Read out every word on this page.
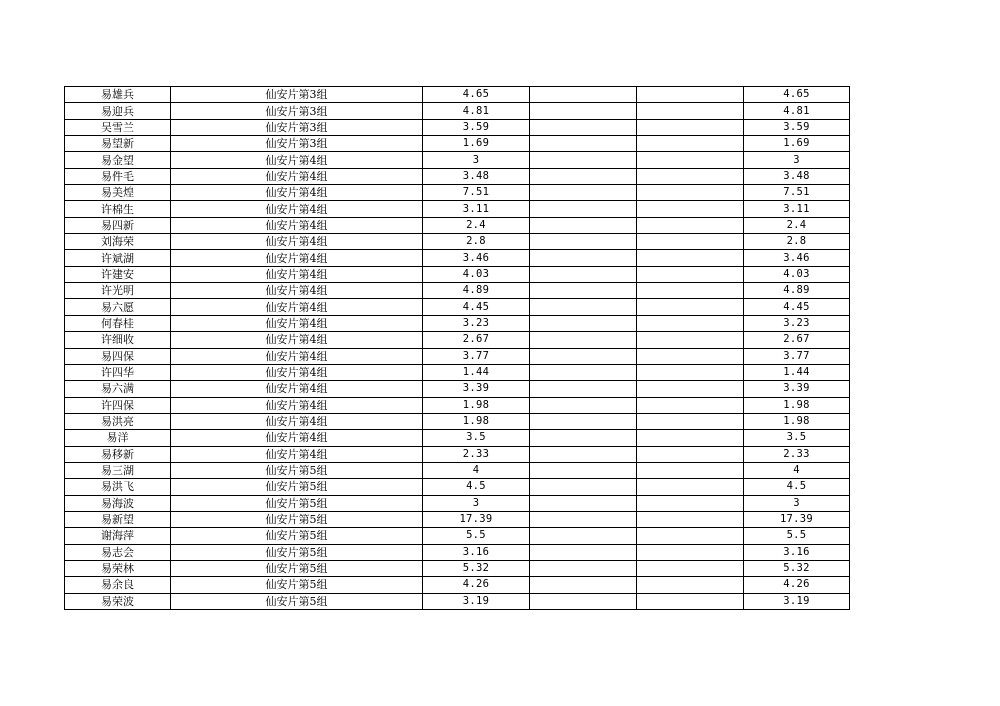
易雄兵	仙安片第3组	4.65			4.65
易迎兵	仙安片第3组	4.81			4.81
吴雪兰	仙安片第3组	3.59			3.59
易望新	仙安片第3组	1.69			1.69
易金望	仙安片第4组	3			3
易件毛	仙安片第4组	3.48			3.48
易美煌	仙安片第4组	7.51			7.51
许棉生	仙安片第4组	3.11			3.11
易四新	仙安片第4组	2.4			2.4
刘海荣	仙安片第4组	2.8			2.8
许斌湖	仙安片第4组	3.46			3.46
许建安	仙安片第4组	4.03			4.03
许光明	仙安片第4组	4.89			4.89
易六愿	仙安片第4组	4.45			4.45
何春桂	仙安片第4组	3.23			3.23
许细收	仙安片第4组	2.67			2.67
易四保	仙安片第4组	3.77			3.77
许四华	仙安片第4组	1.44			1.44
易六满	仙安片第4组	3.39			3.39
许四保	仙安片第4组	1.98			1.98
易洪亮	仙安片第4组	1.98			1.98
易洋	仙安片第4组	3.5			3.5
易移新	仙安片第4组	2.33			2.33
易三湖	仙安片第5组	4			4
易洪飞	仙安片第5组	4.5			4.5
易海波	仙安片第5组	3			3
易新望	仙安片第5组	17.39			17.39
谢海萍	仙安片第5组	5.5			5.5
易志会	仙安片第5组	3.16			3.16
易荣林	仙安片第5组	5.32			5.32
易余良	仙安片第5组	4.26			4.26
易荣波	仙安片第5组	3.19			3.19
